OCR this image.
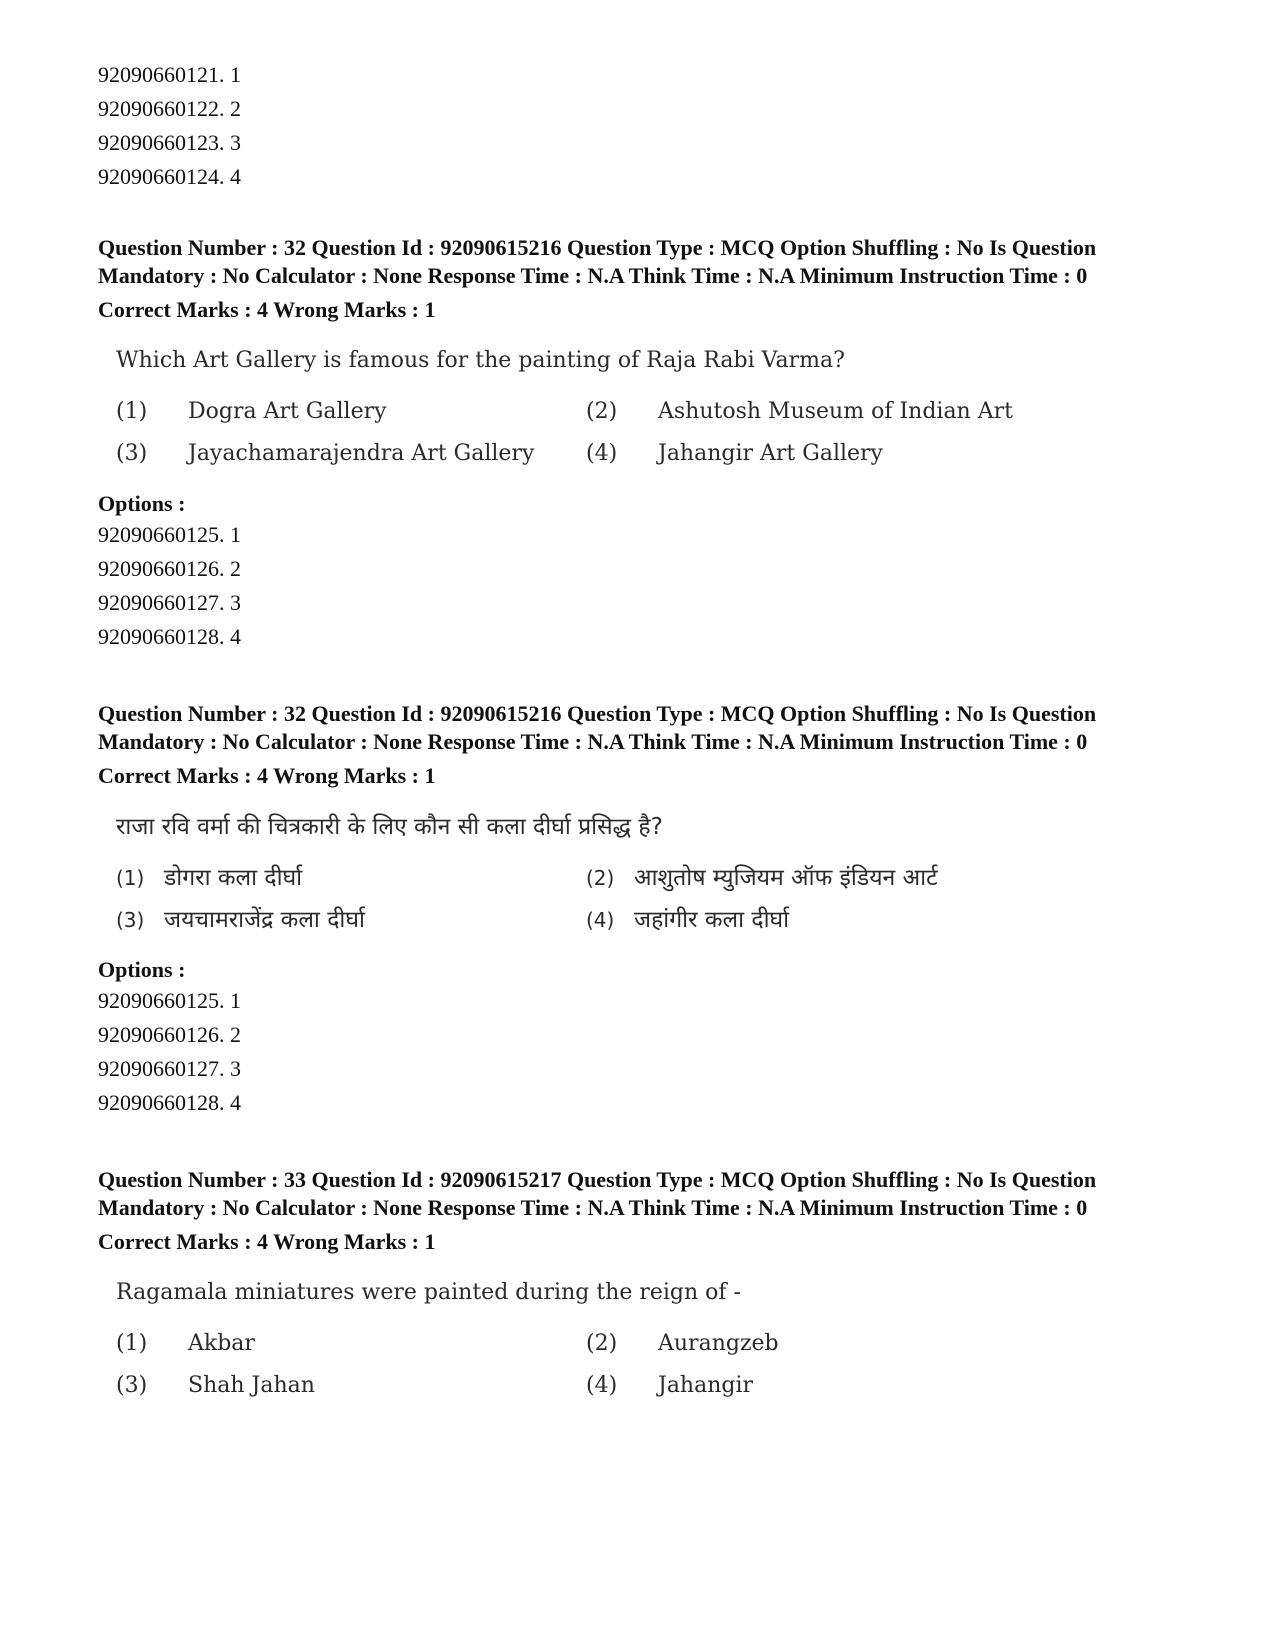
92090660121. 1
92090660122. 2
92090660123. 3
92090660124. 4
Question Number : 32 Question Id : 92090615216 Question Type : MCQ Option Shuffling : No Is Question Mandatory : No Calculator : None Response Time : N.A Think Time : N.A Minimum Instruction Time : 0
Correct Marks : 4 Wrong Marks : 1
Which Art Gallery is famous for the painting of Raja Rabi Varma?
(1)	Dogra Art Gallery	(2)	Ashutosh Museum of Indian Art
(3)	Jayachamarajendra Art Gallery (4)	Jahangir Art Gallery
Options :
92090660125. 1
92090660126. 2
92090660127. 3
92090660128. 4
Question Number : 32 Question Id : 92090615216 Question Type : MCQ Option Shuffling : No Is Question Mandatory : No Calculator : None Response Time : N.A Think Time : N.A Minimum Instruction Time : 0
Correct Marks : 4 Wrong Marks : 1
राजा रवि वर्मा की चित्रकारी के लिए कौन सी कला दीर्घा प्रसिद्ध है?
(1) डोगरा कला दीर्घा	(2) आशुतोष म्युजियम ऑफ इंडियन आर्ट
(3) जयचामराजेंद्र कला दीर्घा	(4) जहांगीर कला दीर्घा
Options :
92090660125. 1
92090660126. 2
92090660127. 3
92090660128. 4
Question Number : 33 Question Id : 92090615217 Question Type : MCQ Option Shuffling : No Is Question Mandatory : No Calculator : None Response Time : N.A Think Time : N.A Minimum Instruction Time : 0
Correct Marks : 4 Wrong Marks : 1
Ragamala miniatures were painted during the reign of -
(1)	Akbar	(2)	Aurangzeb
(3)	Shah Jahan	(4)	Jahangir
